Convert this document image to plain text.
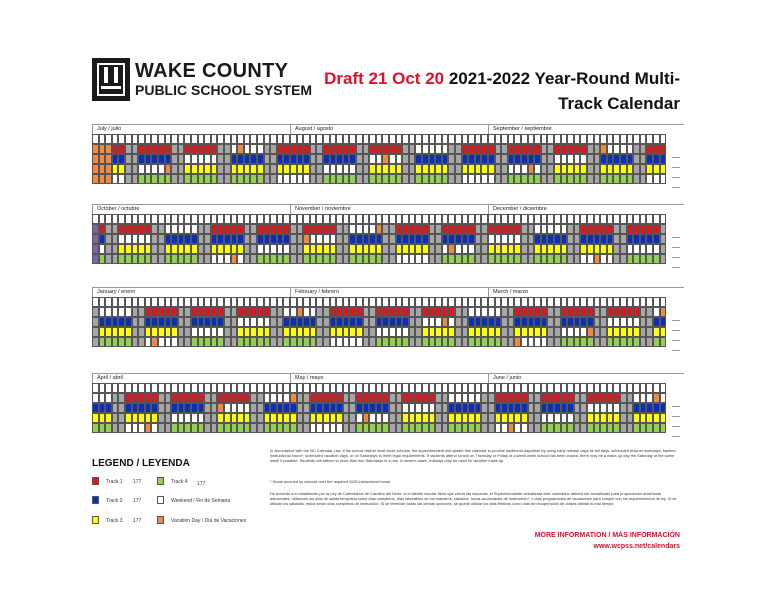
WAKE COUNTY
PUBLIC SCHOOL SYSTEM
Draft 21 Oct 20 2021-2022 Year-Round Multi-
Track Calendar
July / julio	August / agosto	September / septiembre
October / octubre	November / noviembre	December / diciembre
January / enero	February / febrero	March / marzo
April / abril	May / mayo	June / junio
LEGEND / LEYENDA
Track 1 177
Track 2 177
Track 3 177
Track 4 177
Weekend / Fin de Semana
Vacation Day / Día de Vacaciones
In accordance with the NC Calendar Law, if the school district must close schools, the superintendent will update this calendar to provide additional days/time by using early release days as full days, scheduled teacher workdays, banked instructional hours*, scheduled vacation days, or on Saturdays to meet legal requirements. If students attend school on Thursday or Friday of a week when school has been closed, there may be a make-up day the Saturday of the same week if possible. Students will attend no more than two Saturdays in a row. In severe cases, holidays may be used for weather make up.
* Hours accrued by schools over the required 1025 instructional hours
De acuerdo a lo establecido por la Ley de Calendarios de Carolina del Norte, si el distrito escolar tiene que cerrar las escuelas, el Superintendente actualizará este calendario deberá ser actualizado para proporcionar días/horas adicionales, utilizando los días de salida temprana como días completos, días laborables de los maestros, sábados, horas acumuladas de instrucción*, o días programados de vacaciones para cumplir con los requerimientos de ley. Si se utilizan los sábados, estos serán días completos de instrucción. Si se terminan todas las demás opciones, se puede utilizar los días festivos como días de recuperación de clases debido al mal tiempo.
MORE INFORMATION / MÁS INFORMACIÓN
www.wcpss.net/calendars
